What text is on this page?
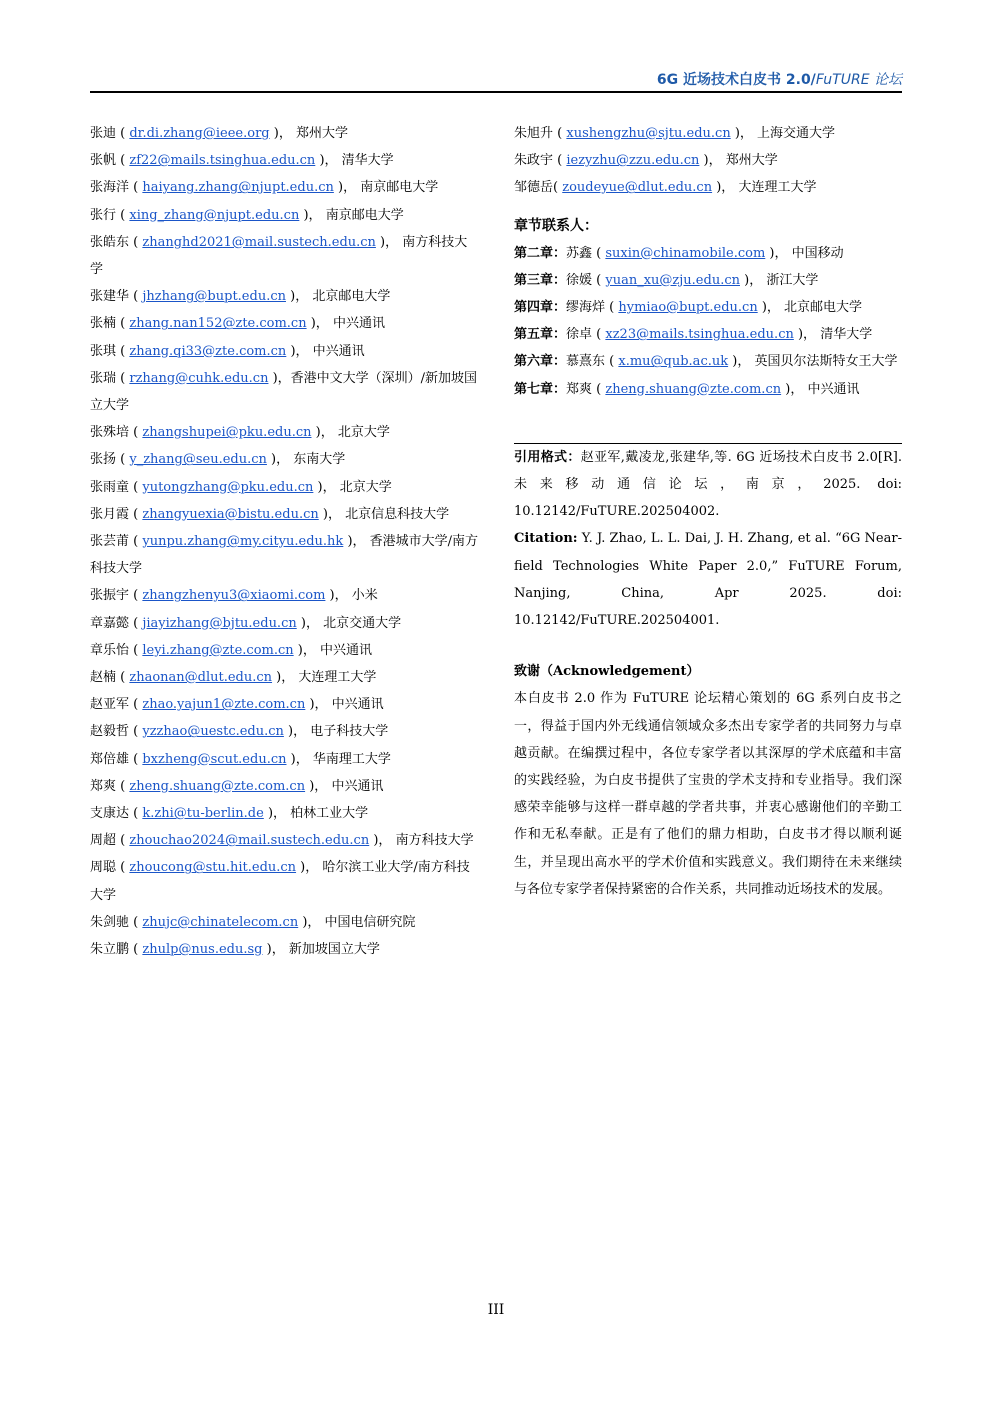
6G 近场技术白皮书 2.0/FuTURE 论坛

张迪 ( dr.di.zhang@ieee.org )， 郑州大学

张帆 ( zf22@mails.tsinghua.edu.cn )， 清华大学

张海洋 ( haiyang.zhang@njupt.edu.cn )， 南京邮电大学

张行 ( xing_zhang@njupt.edu.cn )， 南京邮电大学

张皓东 ( zhanghd2021@mail.sustech.edu.cn )， 南方科技大学

张建华 ( jhzhang@bupt.edu.cn )， 北京邮电大学

张楠 ( zhang.nan152@zte.com.cn )， 中兴通讯

张琪 ( zhang.qi33@zte.com.cn )， 中兴通讯

张瑞 ( rzhang@cuhk.edu.cn )，香港中文大学（深圳）/新加坡国立大学

张殊培 ( zhangshupei@pku.edu.cn )， 北京大学

张扬 ( y_zhang@seu.edu.cn )， 东南大学

张雨童 ( yutongzhang@pku.edu.cn )， 北京大学

张月霞 ( zhangyuexia@bistu.edu.cn )， 北京信息科技大学

张芸莆 ( yunpu.zhang@my.cityu.edu.hk )， 香港城市大学/南方科技大学

张振宇 ( zhangzhenyu3@xiaomi.com )， 小米

章嘉懿 ( jiayizhang@bjtu.edu.cn )， 北京交通大学

章乐怡 ( leyi.zhang@zte.com.cn )， 中兴通讯

赵楠 ( zhaonan@dlut.edu.cn )， 大连理工大学

赵亚军 ( zhao.yajun1@zte.com.cn )， 中兴通讯

赵毅哲 ( yzzhao@uestc.edu.cn )， 电子科技大学

郑倍雄 ( bxzheng@scut.edu.cn )， 华南理工大学

郑爽 ( zheng.shuang@zte.com.cn )， 中兴通讯

支康达 ( k.zhi@tu-berlin.de )， 柏林工业大学

周超 ( zhouchao2024@mail.sustech.edu.cn )， 南方科技大学

周聪 ( zhoucong@stu.hit.edu.cn )， 哈尔滨工业大学/南方科技大学

朱剑驰 ( zhujc@chinatelecom.cn )， 中国电信研究院

朱立鹏 ( zhulp@nus.edu.sg )， 新加坡国立大学

朱旭升 ( xushengzhu@sjtu.edu.cn )， 上海交通大学

朱政宇 ( iezyzhu@zzu.edu.cn )， 郑州大学

邹德岳( zoudeyue@dlut.edu.cn )， 大连理工大学

章节联系人：

第二章：苏鑫 ( suxin@chinamobile.com )， 中国移动

第三章：徐媛 ( yuan_xu@zju.edu.cn )， 浙江大学

第四章：缪海烊 ( hymiao@bupt.edu.cn )， 北京邮电大学

第五章：徐卓 ( xz23@mails.tsinghua.edu.cn )， 清华大学

第六章：慕熹东 ( x.mu@qub.ac.uk )， 英国贝尔法斯特女王大学

第七章：郑爽 ( zheng.shuang@zte.com.cn )， 中兴通讯

引用格式：赵亚军,戴凌龙,张建华,等. 6G 近场技术白皮书 2.0[R]. 未来移动通信论坛，南京，2025. doi: 10.12142/FuTURE.202504002.

Citation: Y. J. Zhao, L. L. Dai, J. H. Zhang, et al. “6G Near-field Technologies White Paper 2.0,” FuTURE Forum, Nanjing, China, Apr 2025. doi: 10.12142/FuTURE.202504001.

致谢（Acknowledgement）

本白皮书 2.0 作为 FuTURE 论坛精心策划的 6G 系列白皮书之一，得益于国内外无线通信领域众多杰出专家学者的共同努力与卓越贡献。在编撰过程中，各位专家学者以其深厚的学术底蕴和丰富的实践经验，为白皮书提供了宝贵的学术支持和专业指导。我们深感荣幸能够与这样一群卓越的学者共事，并衷心感谢他们的辛勤工作和无私奉献。正是有了他们的鼎力相助，白皮书才得以顺利诞生，并呈现出高水平的学术价值和实践意义。我们期待在未来继续与各位专家学者保持紧密的合作关系，共同推动近场技术的发展。

III
